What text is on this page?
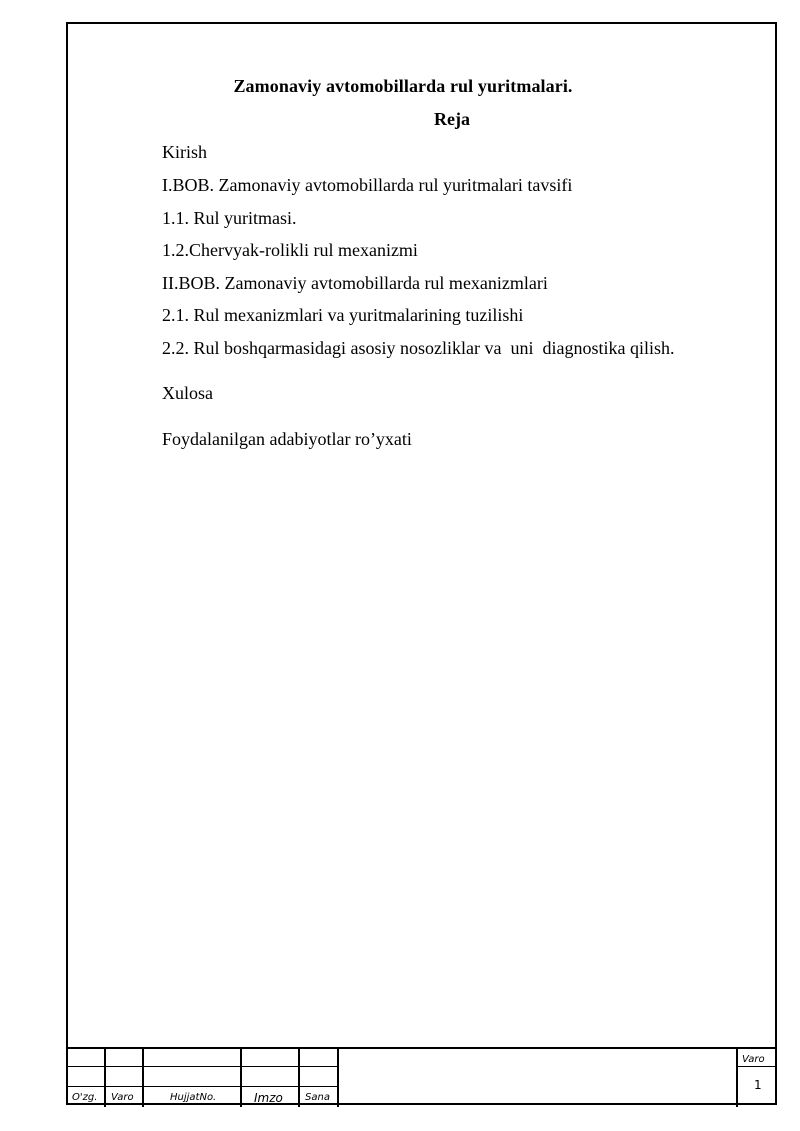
Zamonaviy avtomobillarda rul yuritmalari.
Reja
Kirish
I.BOB. Zamonaviy avtomobillarda rul yuritmalari tavsifi
1.1. Rul yuritmasi.
1.2.Chervyak-rolikli rul mexanizmi
II.BOB. Zamonaviy avtomobillarda rul mexanizmlari
2.1. Rul mexanizmlari va yuritmalarining tuzilishi
2.2. Rul boshqarmasidagi asosiy nosozliklar va  uni  diagnostika qilish.
Xulosa
Foydalanilgan adabiyotlar ro’yxati
O'zg. Varo	HujjatNo.	Imzo Sana
Varo
1
